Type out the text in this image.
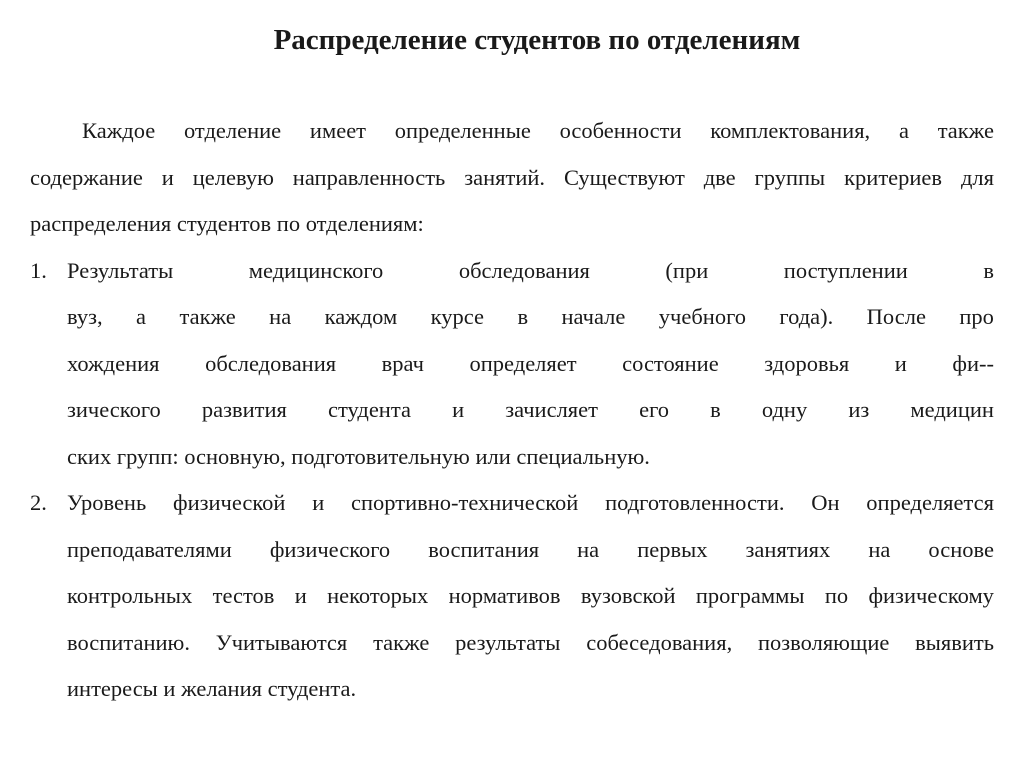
Распределение студентов по отделениям
Каждое отделение имеет определенные особенности комплектования, а также
содержание и целевую направленность занятий. Существуют две группы критериев для
распределения студентов по отделениям:
1. Результаты	медицинского	обследования	(при	поступлении	в
вуз, а также на каждом курсе в начале учебного года). После про
хождения обследования врач определяет состояние здоровья и фи--
зического развития студента и зачисляет его в одну из медицин
ских групп: основную, подготовительную или специальную.
2. Уровень физической и спортивно-технической подготовленности. Он определяется
преподавателями физического воспитания на первых занятиях на основе
контрольных тестов и некоторых нормативов вузовской программы по физическому
воспитанию. Учитываются также результаты собеседования, позволяющие выявить
интересы и желания студента.
